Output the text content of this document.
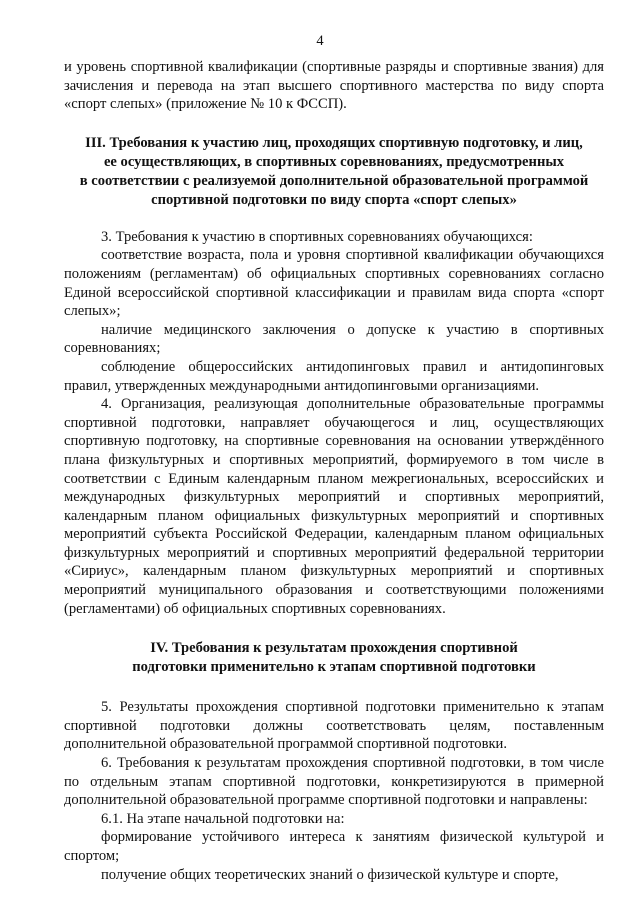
4

и уровень спортивной квалификации (спортивные разряды и спортивные звания) для зачисления и перевода на этап высшего спортивного мастерства по виду спорта «спорт слепых» (приложение № 10 к ФССП).

III. Требования к участию лиц, проходящих спортивную подготовку, и лиц,
ее осуществляющих, в спортивных соревнованиях, предусмотренных
в соответствии с реализуемой дополнительной образовательной программой
спортивной подготовки по виду спорта «спорт слепых»

3. Требования к участию в спортивных соревнованиях обучающихся:

соответствие возраста, пола и уровня спортивной квалификации обучающихся положениям (регламентам) об официальных спортивных соревнованиях согласно Единой всероссийской спортивной классификации и правилам вида спорта «спорт слепых»;

наличие медицинского заключения о допуске к участию в спортивных соревнованиях;

соблюдение общероссийских антидопинговых правил и антидопинговых правил, утвержденных международными антидопинговыми организациями.

4. Организация, реализующая дополнительные образовательные программы спортивной подготовки, направляет обучающегося и лиц, осуществляющих спортивную подготовку, на спортивные соревнования на основании утверждённого плана физкультурных и спортивных мероприятий, формируемого в том числе в соответствии с Единым календарным планом межрегиональных, всероссийских и международных физкультурных мероприятий и спортивных мероприятий, календарным планом официальных физкультурных мероприятий и спортивных мероприятий субъекта Российской Федерации, календарным планом официальных физкультурных мероприятий и спортивных мероприятий федеральной территории «Сириус», календарным планом физкультурных мероприятий и спортивных мероприятий муниципального образования и соответствующими положениями (регламентами) об официальных спортивных соревнованиях.

IV. Требования к результатам прохождения спортивной
подготовки применительно к этапам спортивной подготовки

5. Результаты прохождения спортивной подготовки применительно к этапам спортивной подготовки должны соответствовать целям, поставленным дополнительной образовательной программой спортивной подготовки.

6. Требования к результатам прохождения спортивной подготовки, в том числе по отдельным этапам спортивной подготовки, конкретизируются в примерной дополнительной образовательной программе спортивной подготовки и направлены:

6.1. На этапе начальной подготовки на:

формирование устойчивого интереса к занятиям физической культурой и спортом;

получение общих теоретических знаний о физической культуре и спорте,
